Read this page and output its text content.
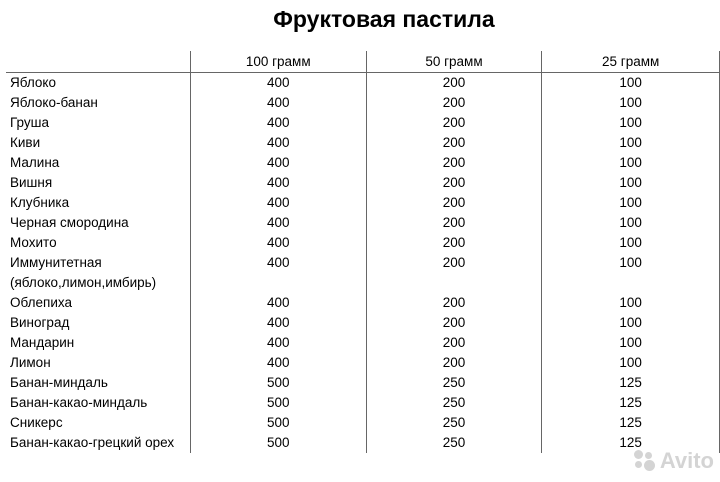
Фруктовая пастила
	100 грамм	50 грамм	25 грамм
Яблоко	400	200	100
Яблоко-банан	400	200	100
Груша	400	200	100
Киви	400	200	100
Малина	400	200	100
Вишня	400	200	100
Клубника	400	200	100
Черная смородина	400	200	100
Мохито	400	200	100
Иммунитетная (яблоко,лимон,имбирь)	400	200	100
Облепиха	400	200	100
Виноград	400	200	100
Мандарин	400	200	100
Лимон	400	200	100
Банан-миндаль	500	250	125
Банан-какао-миндаль	500	250	125
Сникерс	500	250	125
Банан-какао-грецкий орех	500	250	125
Avito
